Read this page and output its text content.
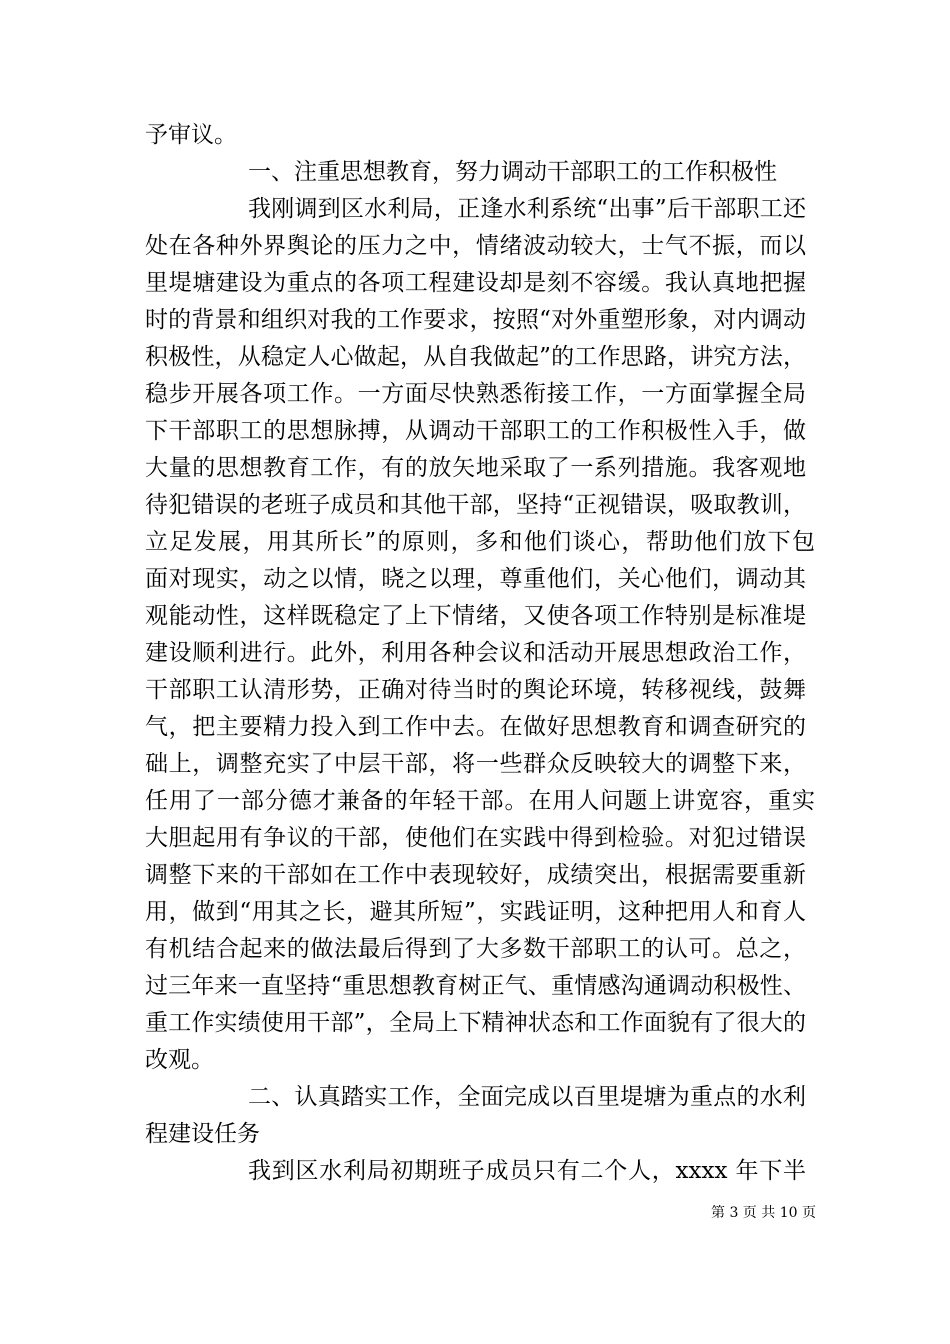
予审议。
一、注重思想教育，努力调动干部职工的工作积极性
我刚调到区水利局，正逢水利系统“出事”后干部职工还
处在各种外界舆论的压力之中，情绪波动较大，士气不振，而以
里堤塘建设为重点的各项工程建设却是刻不容缓。我认真地把握
时的背景和组织对我的工作要求，按照“对外重塑形象，对内调动
积极性，从稳定人心做起，从自我做起”的工作思路，讲究方法，
稳步开展各项工作。一方面尽快熟悉衔接工作，一方面掌握全局
下干部职工的思想脉搏，从调动干部职工的工作积极性入手，做
大量的思想教育工作，有的放矢地采取了一系列措施。我客观地
待犯错误的老班子成员和其他干部，坚持“正视错误，吸取教训，
立足发展，用其所长”的原则，多和他们谈心，帮助他们放下包
面对现实，动之以情，晓之以理，尊重他们，关心他们，调动其
观能动性，这样既稳定了上下情绪，又使各项工作特别是标准堤
建设顺利进行。此外，利用各种会议和活动开展思想政治工作，
干部职工认清形势，正确对待当时的舆论环境，转移视线，鼓舞
气，把主要精力投入到工作中去。在做好思想教育和调查研究的
础上，调整充实了中层干部，将一些群众反映较大的调整下来，
任用了一部分德才兼备的年轻干部。在用人问题上讲宽容，重实
大胆起用有争议的干部，使他们在实践中得到检验。对犯过错误
调整下来的干部如在工作中表现较好，成绩突出，根据需要重新
用，做到“用其之长，避其所短”，实践证明，这种把用人和育人
有机结合起来的做法最后得到了大多数干部职工的认可。总之，
过三年来一直坚持“重思想教育树正气、重情感沟通调动积极性、
重工作实绩使用干部”，全局上下精神状态和工作面貌有了很大的
改观。
二、认真踏实工作，全面完成以百里堤塘为重点的水利
程建设任务
我到区水利局初期班子成员只有二个人，xxxx 年下半
第 3 页 共 10 页
